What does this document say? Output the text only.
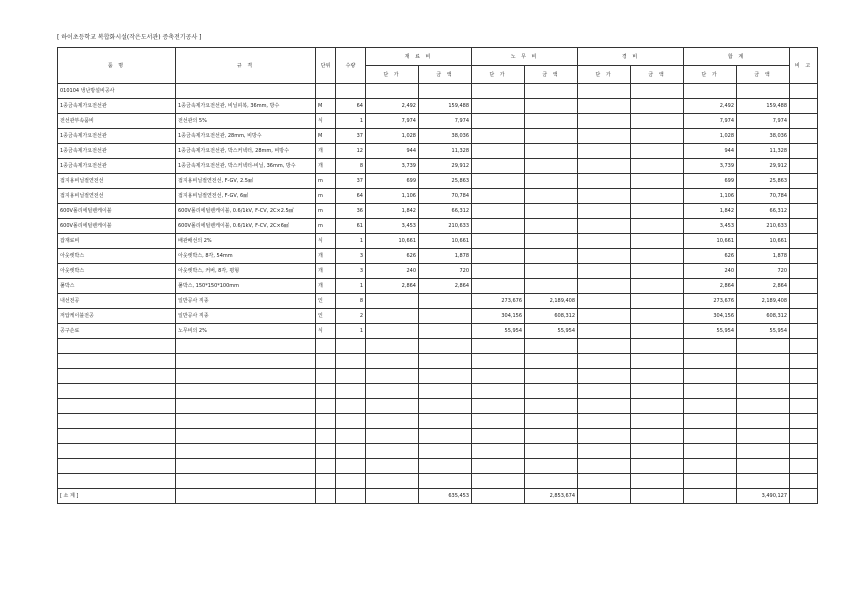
[ 하이초등학교 복합화시설(작은도서관) 증축전기공사 ]
품 명	규 격	단위	수량	재 료 비		노 무 비		경 비		합 계		비 고
				단 가	금 액	단 가	금 액	단 가	금 액	단 가	금 액	
010104 냉난방설비공사												
1종금속제가요전선관	1종금속제가요전선관, 비닐피복, 36mm, 방수	M	64	2,492	159,488					2,492	159,488	
전선관부속품비	전선관의 5%	식	1	7,974	7,974					7,974	7,974	
1종금속제가요전선관	1종금속제가요전선관, 28mm, 비방수	M	37	1,028	38,036					1,028	38,036	
1종금속제가요전선관	1종금속제가요전선관, 박스커넥터, 28mm, 비방수	개	12	944	11,328					944	11,328	
1종금속제가요전선관	1종금속제가요전선관, 박스커넥터-비닐, 36mm, 방수	개	8	3,739	29,912					3,739	29,912	
접지용비닐절연전선	접지용비닐절연전선, F-GV, 2.5㎟	m	37	699	25,863					699	25,863	
접지용비닐절연전선	접지용비닐절연전선, F-GV, 6㎟	m	64	1,106	70,784					1,106	70,784	
600V폴리에틸렌케이블	600V폴리에틸렌케이블, 0.6/1kV, F-CV, 2C×2.5㎟	m	36	1,842	66,312					1,842	66,312	
600V폴리에틸렌케이블	600V폴리에틸렌케이블, 0.6/1kV, F-CV, 2C×6㎟	m	61	3,453	210,633					3,453	210,633	
잡재료비	배관배선의 2%	식	1	10,661	10,661					10,661	10,661	
아웃렛박스	아웃렛박스, 8각, 54mm	개	3	626	1,878					626	1,878	
아웃렛박스	아웃렛박스, 커버, 8각, 평형	개	3	240	720					240	720	
풀박스	풀박스, 150*150*100mm	개	1	2,864	2,864					2,864	2,864	
내선전공	일반공사 직종	인	8			273,676	2,189,408			273,676	2,189,408	
저압케이블전공	일반공사 직종	인	2			304,156	608,312			304,156	608,312	
공구손료	노무비의 2%	식	1			55,954	55,954			55,954	55,954	

[ 소 계 ]					635,453		2,853,674				3,490,127	
